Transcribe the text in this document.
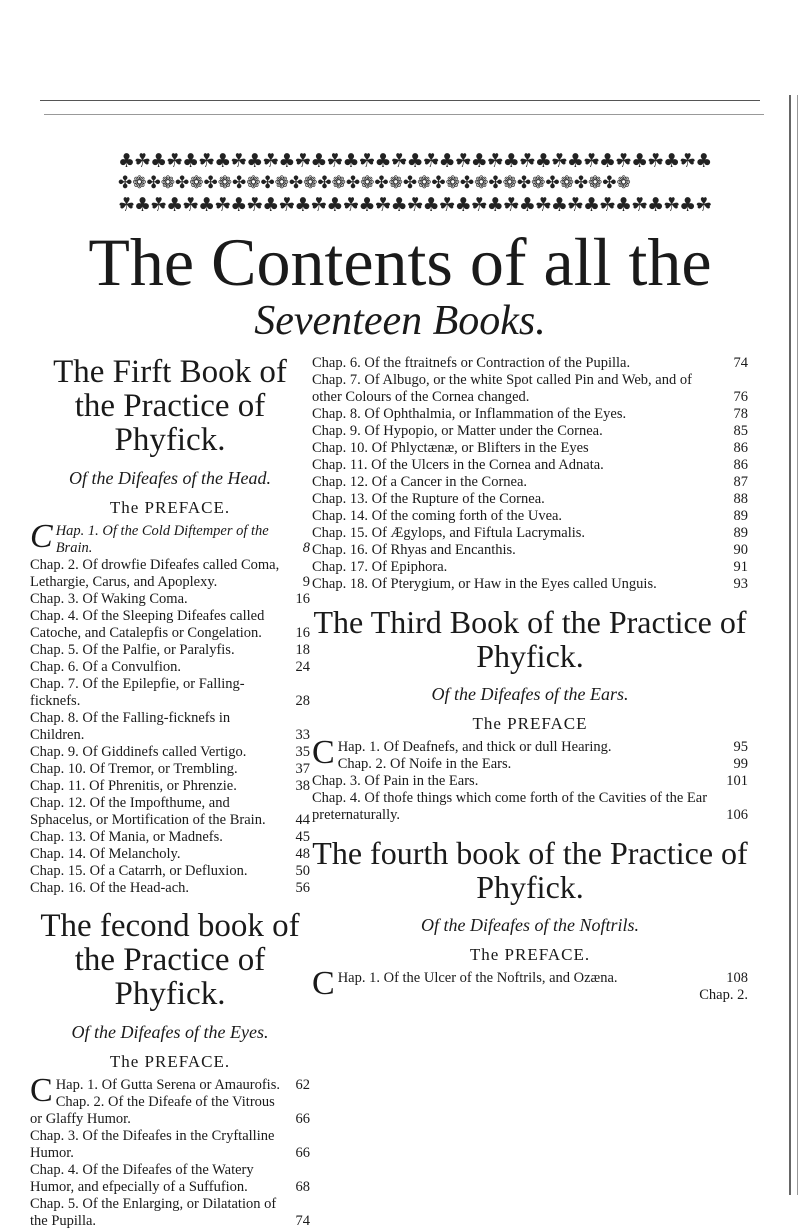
♣☘♣☘♣☘♣☘♣☘♣☘♣☘♣☘♣☘♣☘♣☘♣☘♣☘♣☘♣☘♣☘♣☘♣☘♣
✤❁✤❁✤❁✤❁✤❁✤❁✤❁✤❁✤❁✤❁✤❁✤❁✤❁✤❁✤❁✤❁✤❁✤❁
☘♣☘♣☘♣☘♣☘♣☘♣☘♣☘♣☘♣☘♣☘♣☘♣☘♣☘♣☘♣☘♣☘♣☘♣☘
The Contents of all the
Seventeen Books.
The Firft Book of the Practice of Phyfick.
Of the Difeafes of the Head.
The PREFACE.
CHap. 1. Of the Cold Diftemper of the Brain.	8
Chap. 2. Of drowfie Difeafes called Coma, Lethargie, Carus, and Apoplexy.	9
Chap. 3. Of Waking Coma.	16
Chap. 4. Of the Sleeping Difeafes called Catoche, and Catalepfis or Congelation. 16
Chap. 5. Of the Palfie, or Paralyfis.	18
Chap. 6. Of a Convulfion.	24
Chap. 7. Of the Epilepfie, or Falling-ficknefs.	28
Chap. 8. Of the Falling-ficknefs in Children.	33
Chap. 9. Of Giddinefs called Vertigo.	35
Chap. 10. Of Tremor, or Trembling.	37
Chap. 11. Of Phrenitis, or Phrenzie.	38
Chap. 12. Of the Impofthume, and Sphacelus, or Mortification of the Brain. 44
Chap. 13. Of Mania, or Madnefs.	45
Chap. 14. Of Melancholy.	48
Chap. 15. Of a Catarrh, or Defluxion.	50
Chap. 16. Of the Head-ach.	56
The fecond book of the Practice of Phyfick.
Of the Difeafes of the Eyes.
The PREFACE.
CHap. 1. Of Gutta Serena or Amaurofis. 62
Chap. 2. Of the Difeafe of the Vitrous or Glaffy Humor.	66
Chap. 3. Of the Difeafes in the Cryftalline Humor.	66
Chap. 4. Of the Difeafes of the Watery Humor, and efpecially of a Suffufion.	68
Chap. 5. Of the Enlarging, or Dilatation of the Pupilla.	74
Chap. 6. Of the ftraitnefs or Contraction of the Pupilla.	74
Chap. 7. Of Albugo, or the white Spot called Pin and Web, and of other Colours of the Cornea changed.	76
Chap. 8. Of Ophthalmia, or Inflammation of the Eyes.	78
Chap. 9. Of Hypopio, or Matter under the Cornea.	85
Chap. 10. Of Phlyctænæ, or Blifters in the Eyes	86
Chap. 11. Of the Ulcers in the Cornea and Adnata.	86
Chap. 12. Of a Cancer in the Cornea.	87
Chap. 13. Of the Rupture of the Cornea.	88
Chap. 14. Of the coming forth of the Uvea.	89
Chap. 15. Of Ægylops, and Fiftula Lacrymalis.	89
Chap. 16. Of Rhyas and Encanthis.	90
Chap. 17. Of Epiphora.	91
Chap. 18. Of Pterygium, or Haw in the Eyes called Unguis.	93
The Third Book of the Practice of Phyfick.
Of the Difeafes of the Ears.
The PREFACE
CHap. 1. Of Deafnefs, and thick or dull Hearing.	95
Chap. 2. Of Noife in the Ears.	99
Chap. 3. Of Pain in the Ears.	101
Chap. 4. Of thofe things which come forth of the Cavities of the Ear preternaturally.	106
The fourth book of the Practice of Phyfick.
Of the Difeafes of the Noftrils.
The PREFACE.
CHap. 1. Of the Ulcer of the Noftrils, and Ozæna.	108
Chap. 2.
